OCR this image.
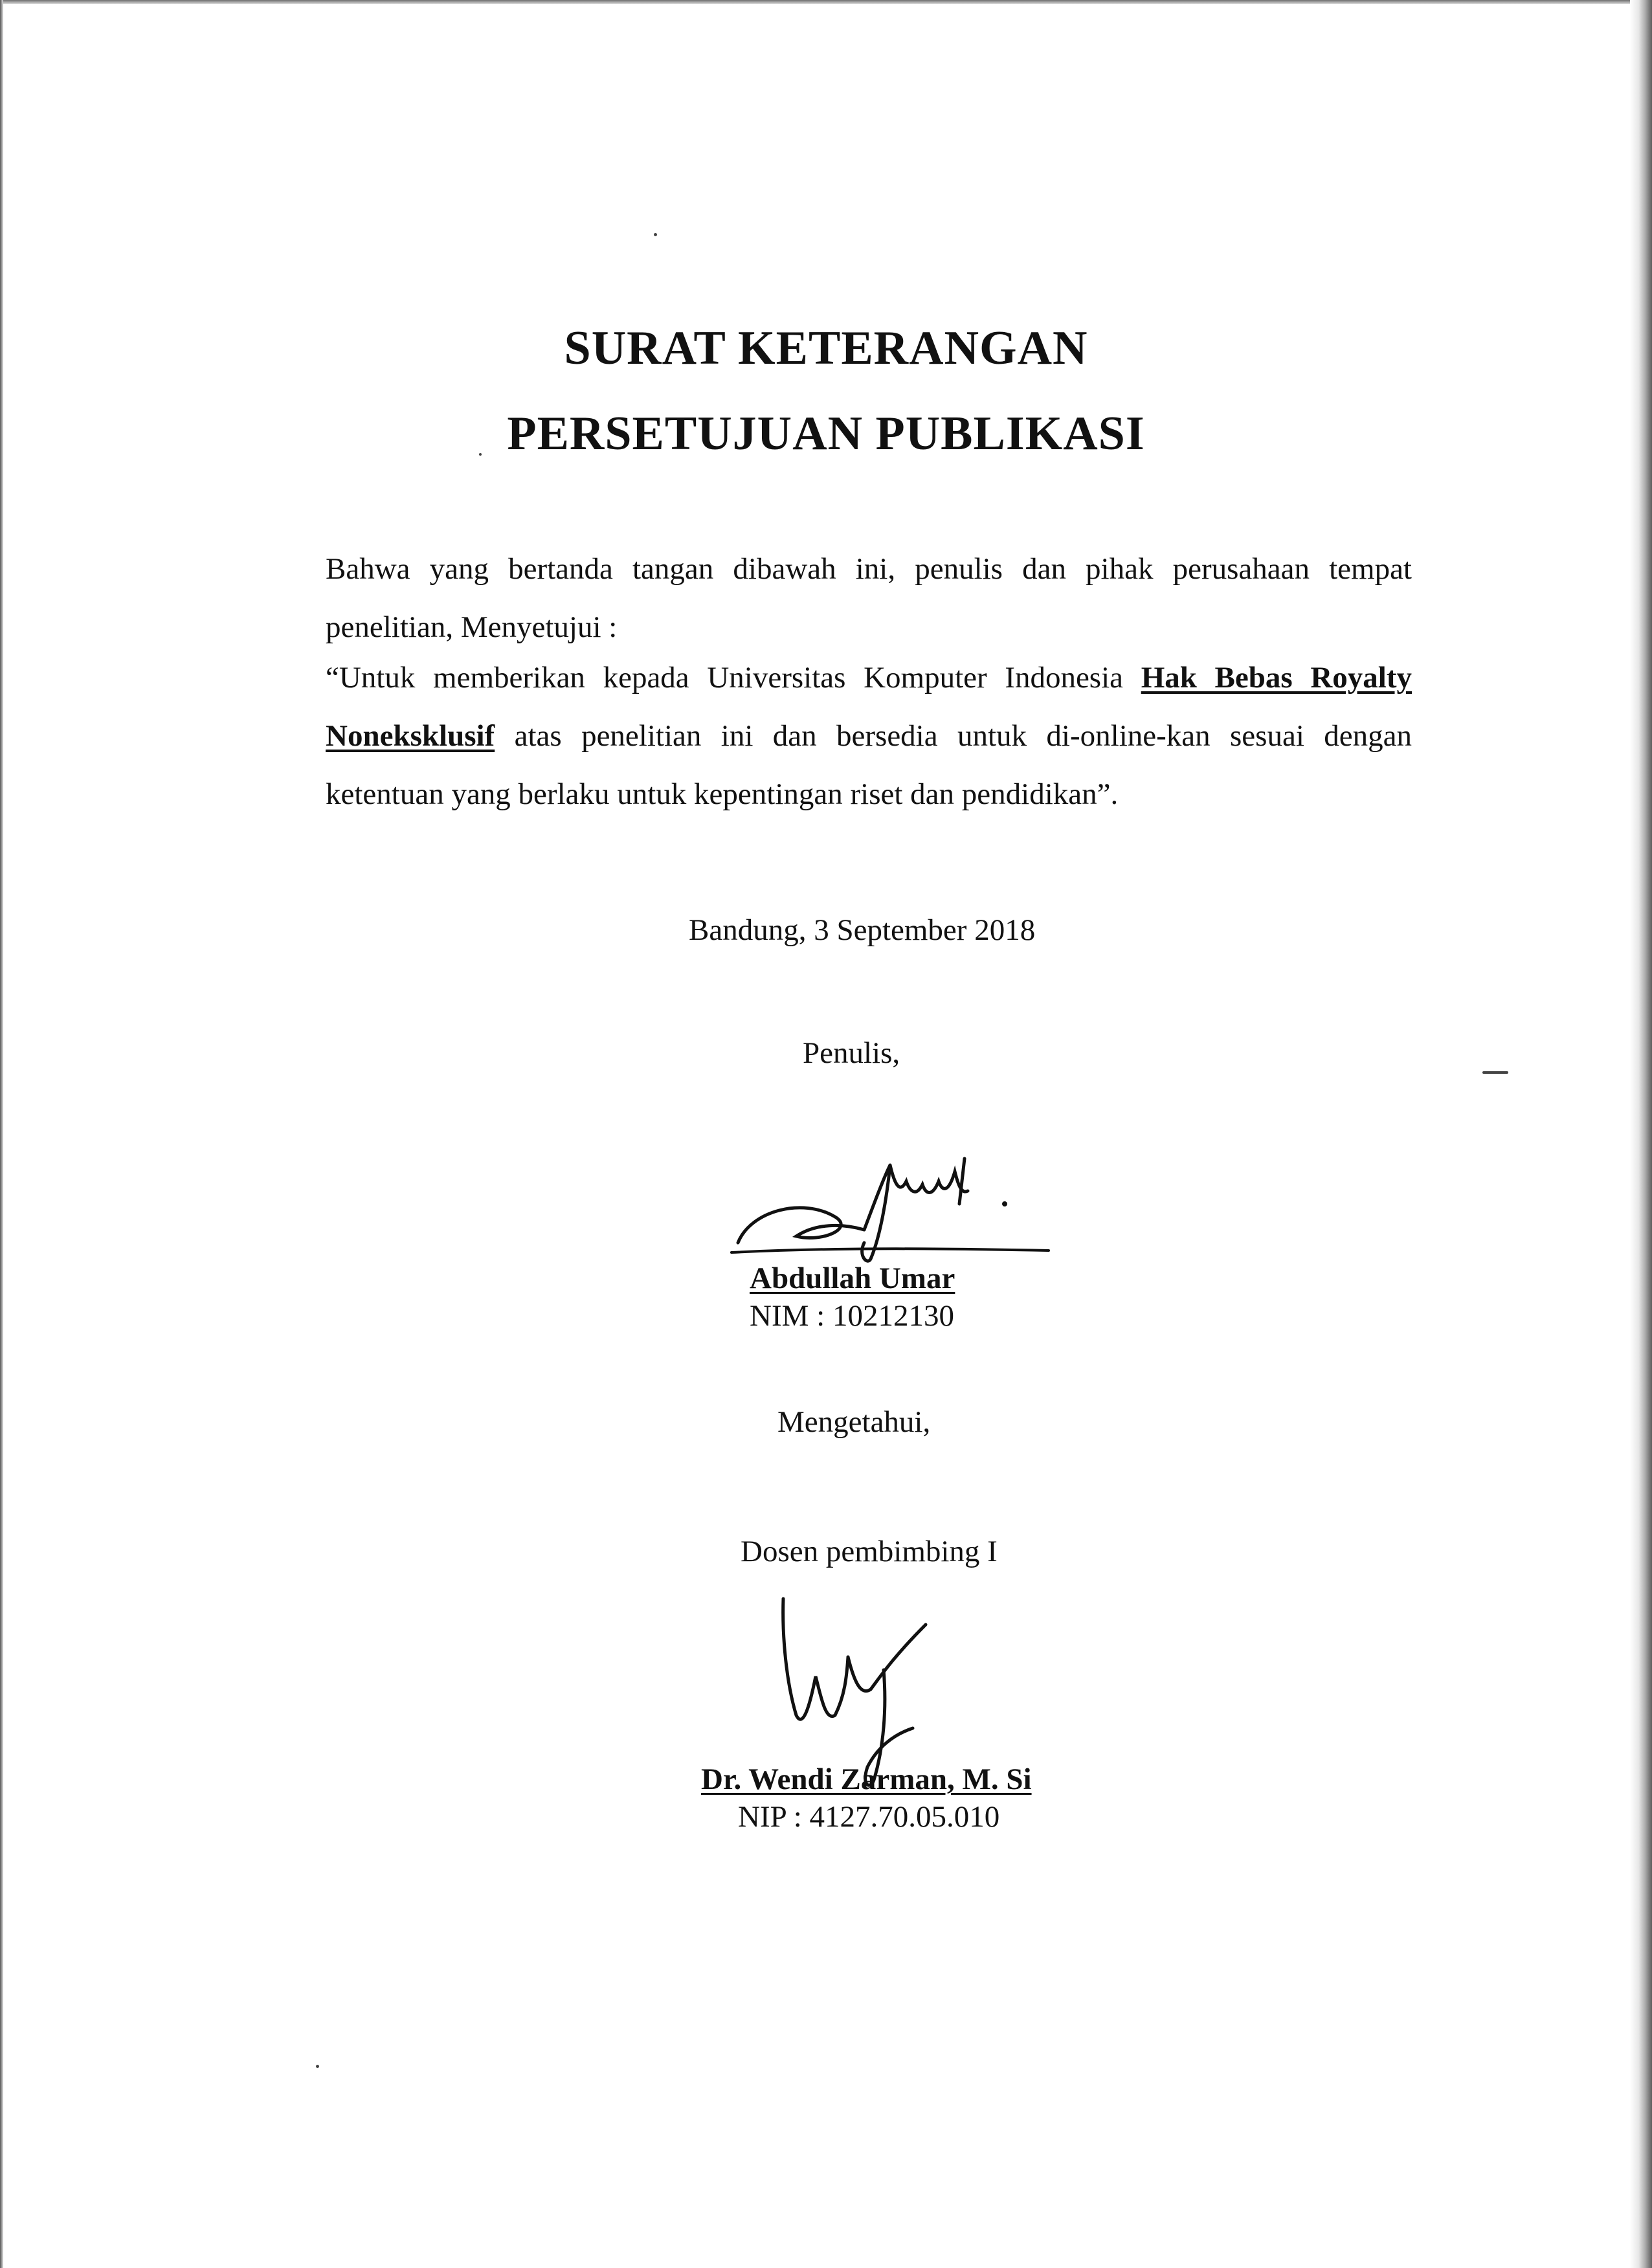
SURAT KETERANGAN
PERSETUJUAN PUBLIKASI
Bahwa yang bertanda tangan dibawah ini, penulis dan pihak perusahaan tempat
penelitian, Menyetujui :
“Untuk memberikan kepada Universitas Komputer Indonesia Hak Bebas Royalty
Noneksklusif atas penelitian ini dan bersedia untuk di-online-kan sesuai dengan
ketentuan yang berlaku untuk kepentingan riset dan pendidikan”.
Bandung, 3 September 2018
Penulis,
Abdullah Umar
NIM : 10212130
Mengetahui,
Dosen pembimbing I
Dr. Wendi Zarman, M. Si
NIP : 4127.70.05.010
